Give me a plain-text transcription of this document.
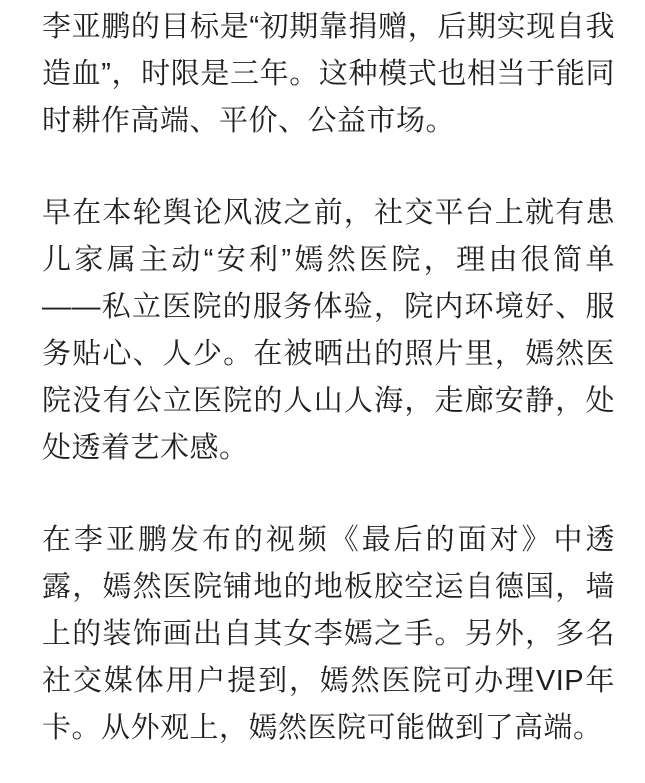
李亚鹏的目标是“初期靠捐赠，后期实现自我
造血”，时限是三年。这种模式也相当于能同
时耕作高端、平价、公益市场。
早在本轮舆论风波之前，社交平台上就有患
儿家属主动“安利”嫣然医院，理由很简单
——私立医院的服务体验，院内环境好、服
务贴心、人少。在被晒出的照片里，嫣然医
院没有公立医院的人山人海，走廊安静，处
处透着艺术感。
在李亚鹏发布的视频《最后的面对》中透
露，嫣然医院铺地的地板胶空运自德国，墙
上的装饰画出自其女李嫣之手。另外，多名
社交媒体用户提到，嫣然医院可办理VIP年
卡。从外观上，嫣然医院可能做到了高端。
